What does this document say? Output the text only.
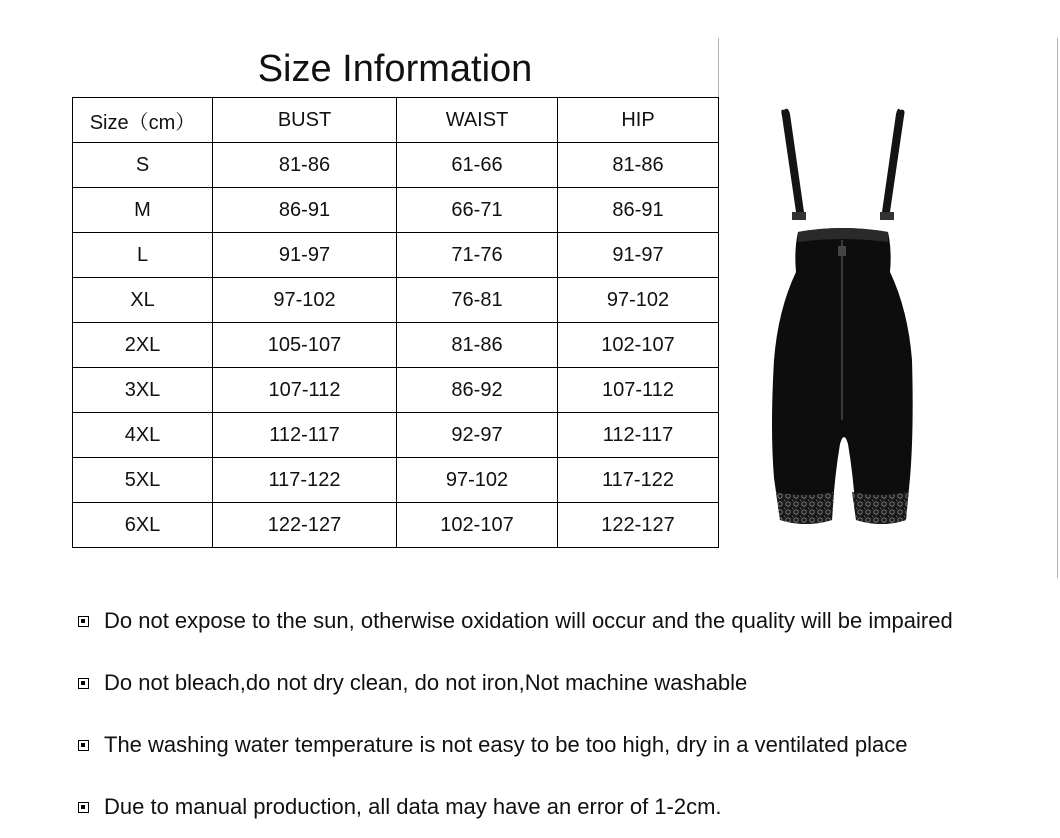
Size Information
Size（cm）	BUST	WAIST	HIP
S	81-86	61-66	81-86
M	86-91	66-71	86-91
L	91-97	71-76	91-97
XL	97-102	76-81	97-102
2XL	105-107	81-86	102-107
3XL	107-112	86-92	107-112
4XL	112-117	92-97	112-117
5XL	117-122	97-102	117-122
6XL	122-127	102-107	122-127
Do not expose to the sun, otherwise oxidation will occur and the quality will be impaired
Do not bleach,do not dry clean, do not iron,Not machine washable
The washing water temperature is not easy to be too high, dry in a ventilated place
Due to manual production, all data may have an error of 1-2cm.
